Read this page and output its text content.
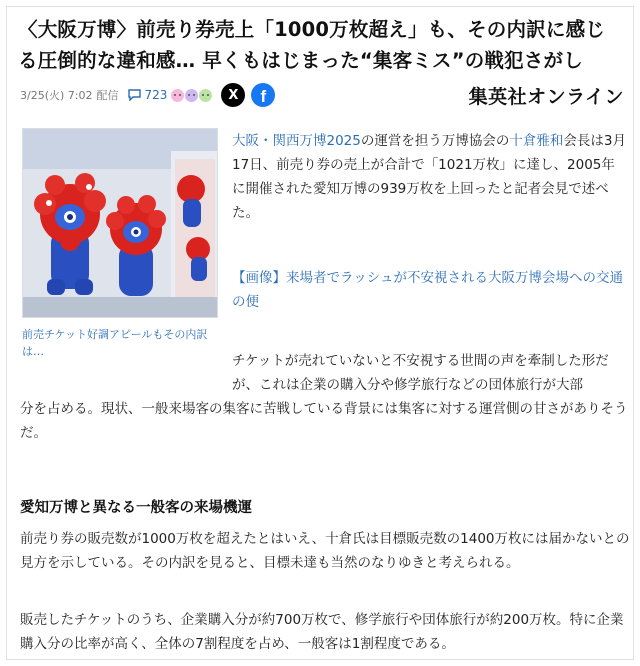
〈大阪万博〉前売り券売上「1000万枚超え」も、その内訳に感じる圧倒的な違和感… 早くもはじまった“集客ミス”の戦犯さがし
3/25(火) 7:02 配信 723	X	f	集英社オンライン
前売チケット好調アピールもその内訳は…

大阪・関西万博2025の運営を担う万博協会の十倉雅和会長は3月17日、前売り券の売上が合計で「1021万枚」に達し、2005年に開催された愛知万博の939万枚を上回ったと記者会見で述べた。

【画像】来場者でラッシュが不安視される大阪万博会場への交通の便

チケットが売れていないと不安視する世間の声を牽制した形だが、これは企業の購入分や修学旅行などの団体旅行が大部

分を占める。現状、一般来場客の集客に苦戦している背景には集客に対する運営側の甘さがありそうだ。

愛知万博と異なる一般客の来場機運

前売り券の販売数が1000万枚を超えたとはいえ、十倉氏は目標販売数の1400万枚には届かないとの見方を示している。その内訳を見ると、目標未達も当然のなりゆきと考えられる。

販売したチケットのうち、企業購入分が約700万枚で、修学旅行や団体旅行が約200万枚。特に企業購入分の比率が高く、全体の7割程度を占め、一般客は1割程度である。
